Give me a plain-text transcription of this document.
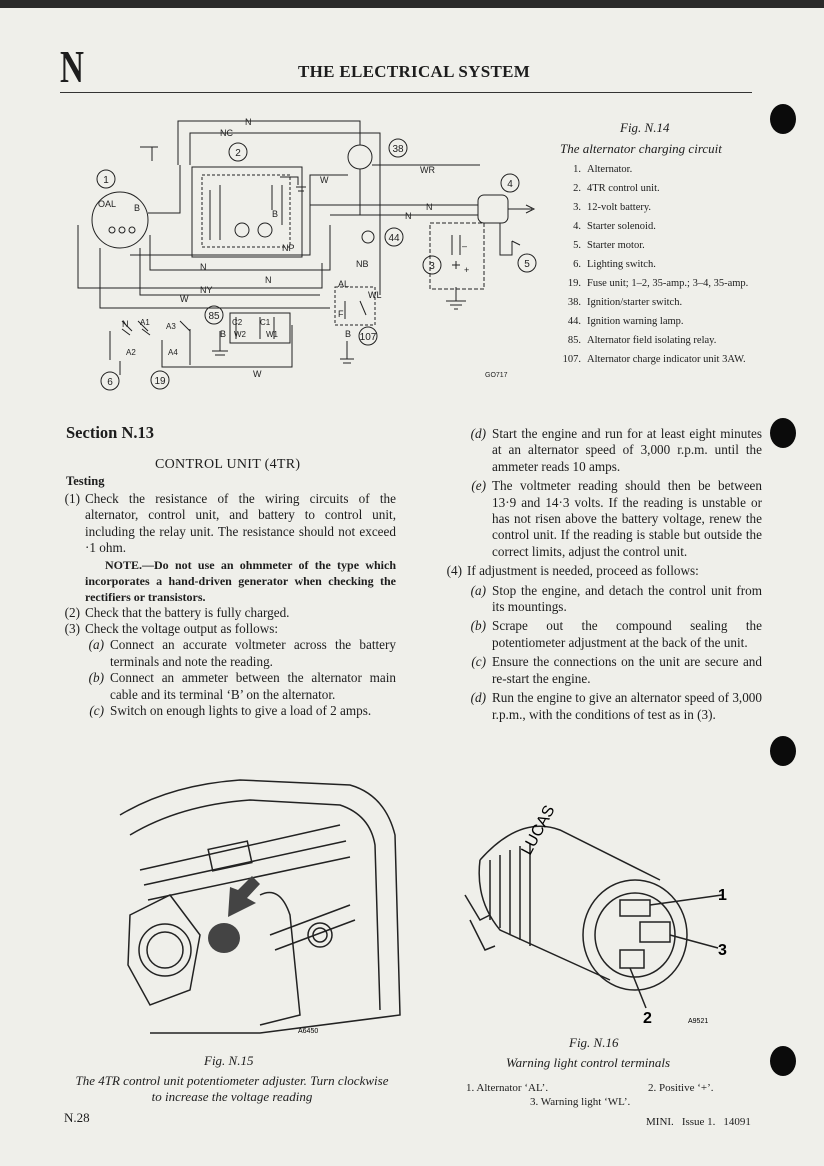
N	THE ELECTRICAL SYSTEM
N
NC
B
W
WR
N
N
NP
NB
N
N
NY
W
W
OAL B
AL
WL
F
B
C2 C1
W2	W1
B
A1 A3
A2	A4
N
+
–
1
2
3
4
5
6	19
38
44
85
107
GO717
Fig. N.14
The alternator charging circuit
1. Alternator.
2. 4TR control unit.
3. 12-volt battery.
4. Starter solenoid.
5. Starter motor.
6. Lighting switch.
19. Fuse unit; 1–2, 35-amp.; 3–4, 35-amp.
38. Ignition/starter switch.
44. Ignition warning lamp.
85. Alternator field isolating relay.
107. Alternator charge indicator unit 3AW.
Section N.13
CONTROL UNIT (4TR)
Testing

(1) Check the resistance of the wiring circuits of the alternator, control unit, and battery to control unit, including the relay unit. The resistance should not exceed ·1 ohm.

NOTE.—Do not use an ohmmeter of the type which incorporates a hand-driven generator when checking the rectifiers or transistors.

(2) Check that the battery is fully charged.

(3) Check the voltage output as follows:

(a) Connect an accurate voltmeter across the battery terminals and note the reading.

(b) Connect an ammeter between the alternator main cable and its terminal ‘B’ on the alternator.

(c) Switch on enough lights to give a load of 2 amps.

(d) Start the engine and run for at least eight minutes at an alternator speed of 3,000 r.p.m. until the ammeter reads 10 amps.

(e) The voltmeter reading should then be between 13·9 and 14·3 volts. If the reading is unstable or has not risen above the battery voltage, renew the control unit. If the reading is stable but outside the correct limits, adjust the control unit.

(4) If adjustment is needed, proceed as follows:

(a) Stop the engine, and detach the control unit from its mountings.

(b) Scrape out the compound sealing the potentiometer adjustment at the back of the unit.

(c) Ensure the connections on the unit are secure and re-start the engine.

(d) Run the engine to give an alternator speed of 3,000 r.p.m., with the conditions of test as in (3).

A6450
Fig. N.15
The 4TR control unit potentiometer adjuster. Turn clockwise to increase the voltage reading
LUCAS
1
2
3
A9521
Fig. N.16
Warning light control terminals
1. Alternator ‘AL’.	2. Positive ‘+’.
3. Warning light ‘WL’.
N.28	MINI. Issue 1. 14091
